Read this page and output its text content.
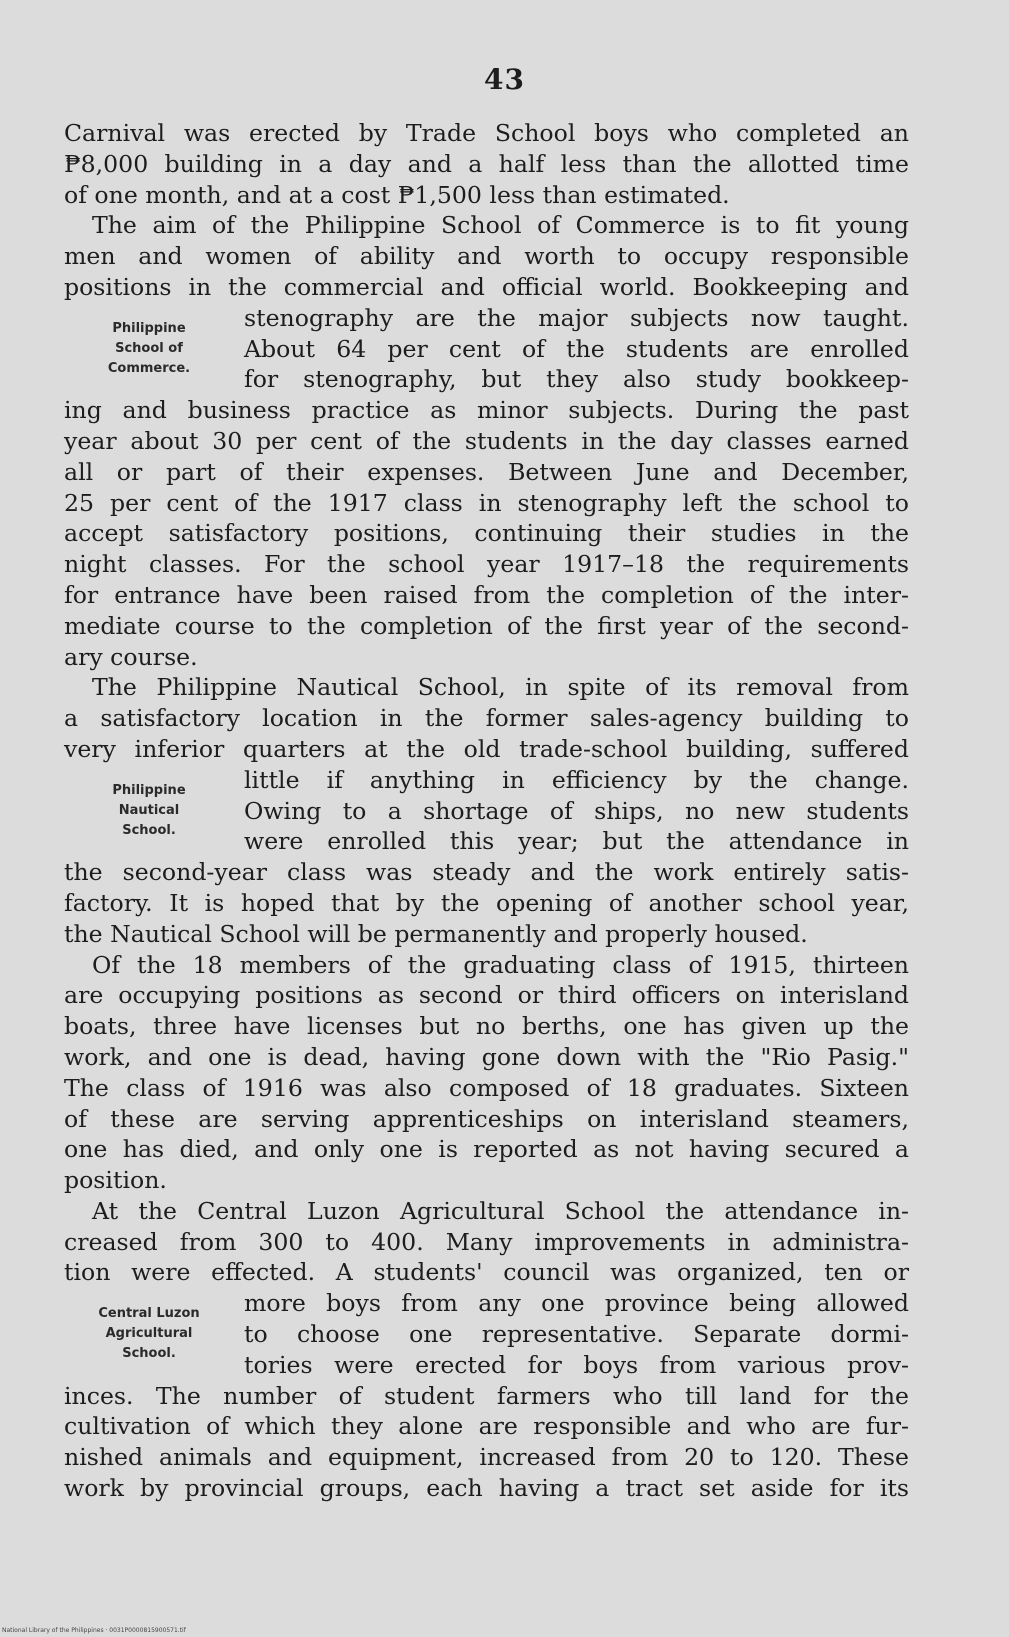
43
Carnival was erected by Trade School boys who completed an
₱8,000 building in a day and a half less than the allotted time
of one month, and at a cost ₱1,500 less than estimated.
The aim of the Philippine School of Commerce is to fit young
men and women of ability and worth to occupy responsible
positions in the commercial and official world. Bookkeeping and
Philippine
School of
Commerce.
stenography are the major subjects now taught.
About 64 per cent of the students are enrolled
for stenography, but they also study bookkeep-
ing and business practice as minor subjects. During the past
year about 30 per cent of the students in the day classes earned
all or part of their expenses. Between June and December,
25 per cent of the 1917 class in stenography left the school to
accept satisfactory positions, continuing their studies in the
night classes. For the school year 1917–18 the requirements
for entrance have been raised from the completion of the inter-
mediate course to the completion of the first year of the second-
ary course.
The Philippine Nautical School, in spite of its removal from
a satisfactory location in the former sales-agency building to
very inferior quarters at the old trade-school building, suffered
Philippine
Nautical
School.
little if anything in efficiency by the change.
Owing to a shortage of ships, no new students
were enrolled this year; but the attendance in
the second-year class was steady and the work entirely satis-
factory. It is hoped that by the opening of another school year,
the Nautical School will be permanently and properly housed.
Of the 18 members of the graduating class of 1915, thirteen
are occupying positions as second or third officers on interisland
boats, three have licenses but no berths, one has given up the
work, and one is dead, having gone down with the "Rio Pasig."
The class of 1916 was also composed of 18 graduates. Sixteen
of these are serving apprenticeships on interisland steamers,
one has died, and only one is reported as not having secured a
position.
At the Central Luzon Agricultural School the attendance in-
creased from 300 to 400. Many improvements in administra-
tion were effected. A students' council was organized, ten or
Central Luzon
Agricultural
School.
more boys from any one province being allowed
to choose one representative. Separate dormi-
tories were erected for boys from various prov-
inces. The number of student farmers who till land for the
cultivation of which they alone are responsible and who are fur-
nished animals and equipment, increased from 20 to 120. These
work by provincial groups, each having a tract set aside for its
National Library of the Philippines · 0031P0000815900571.tif
